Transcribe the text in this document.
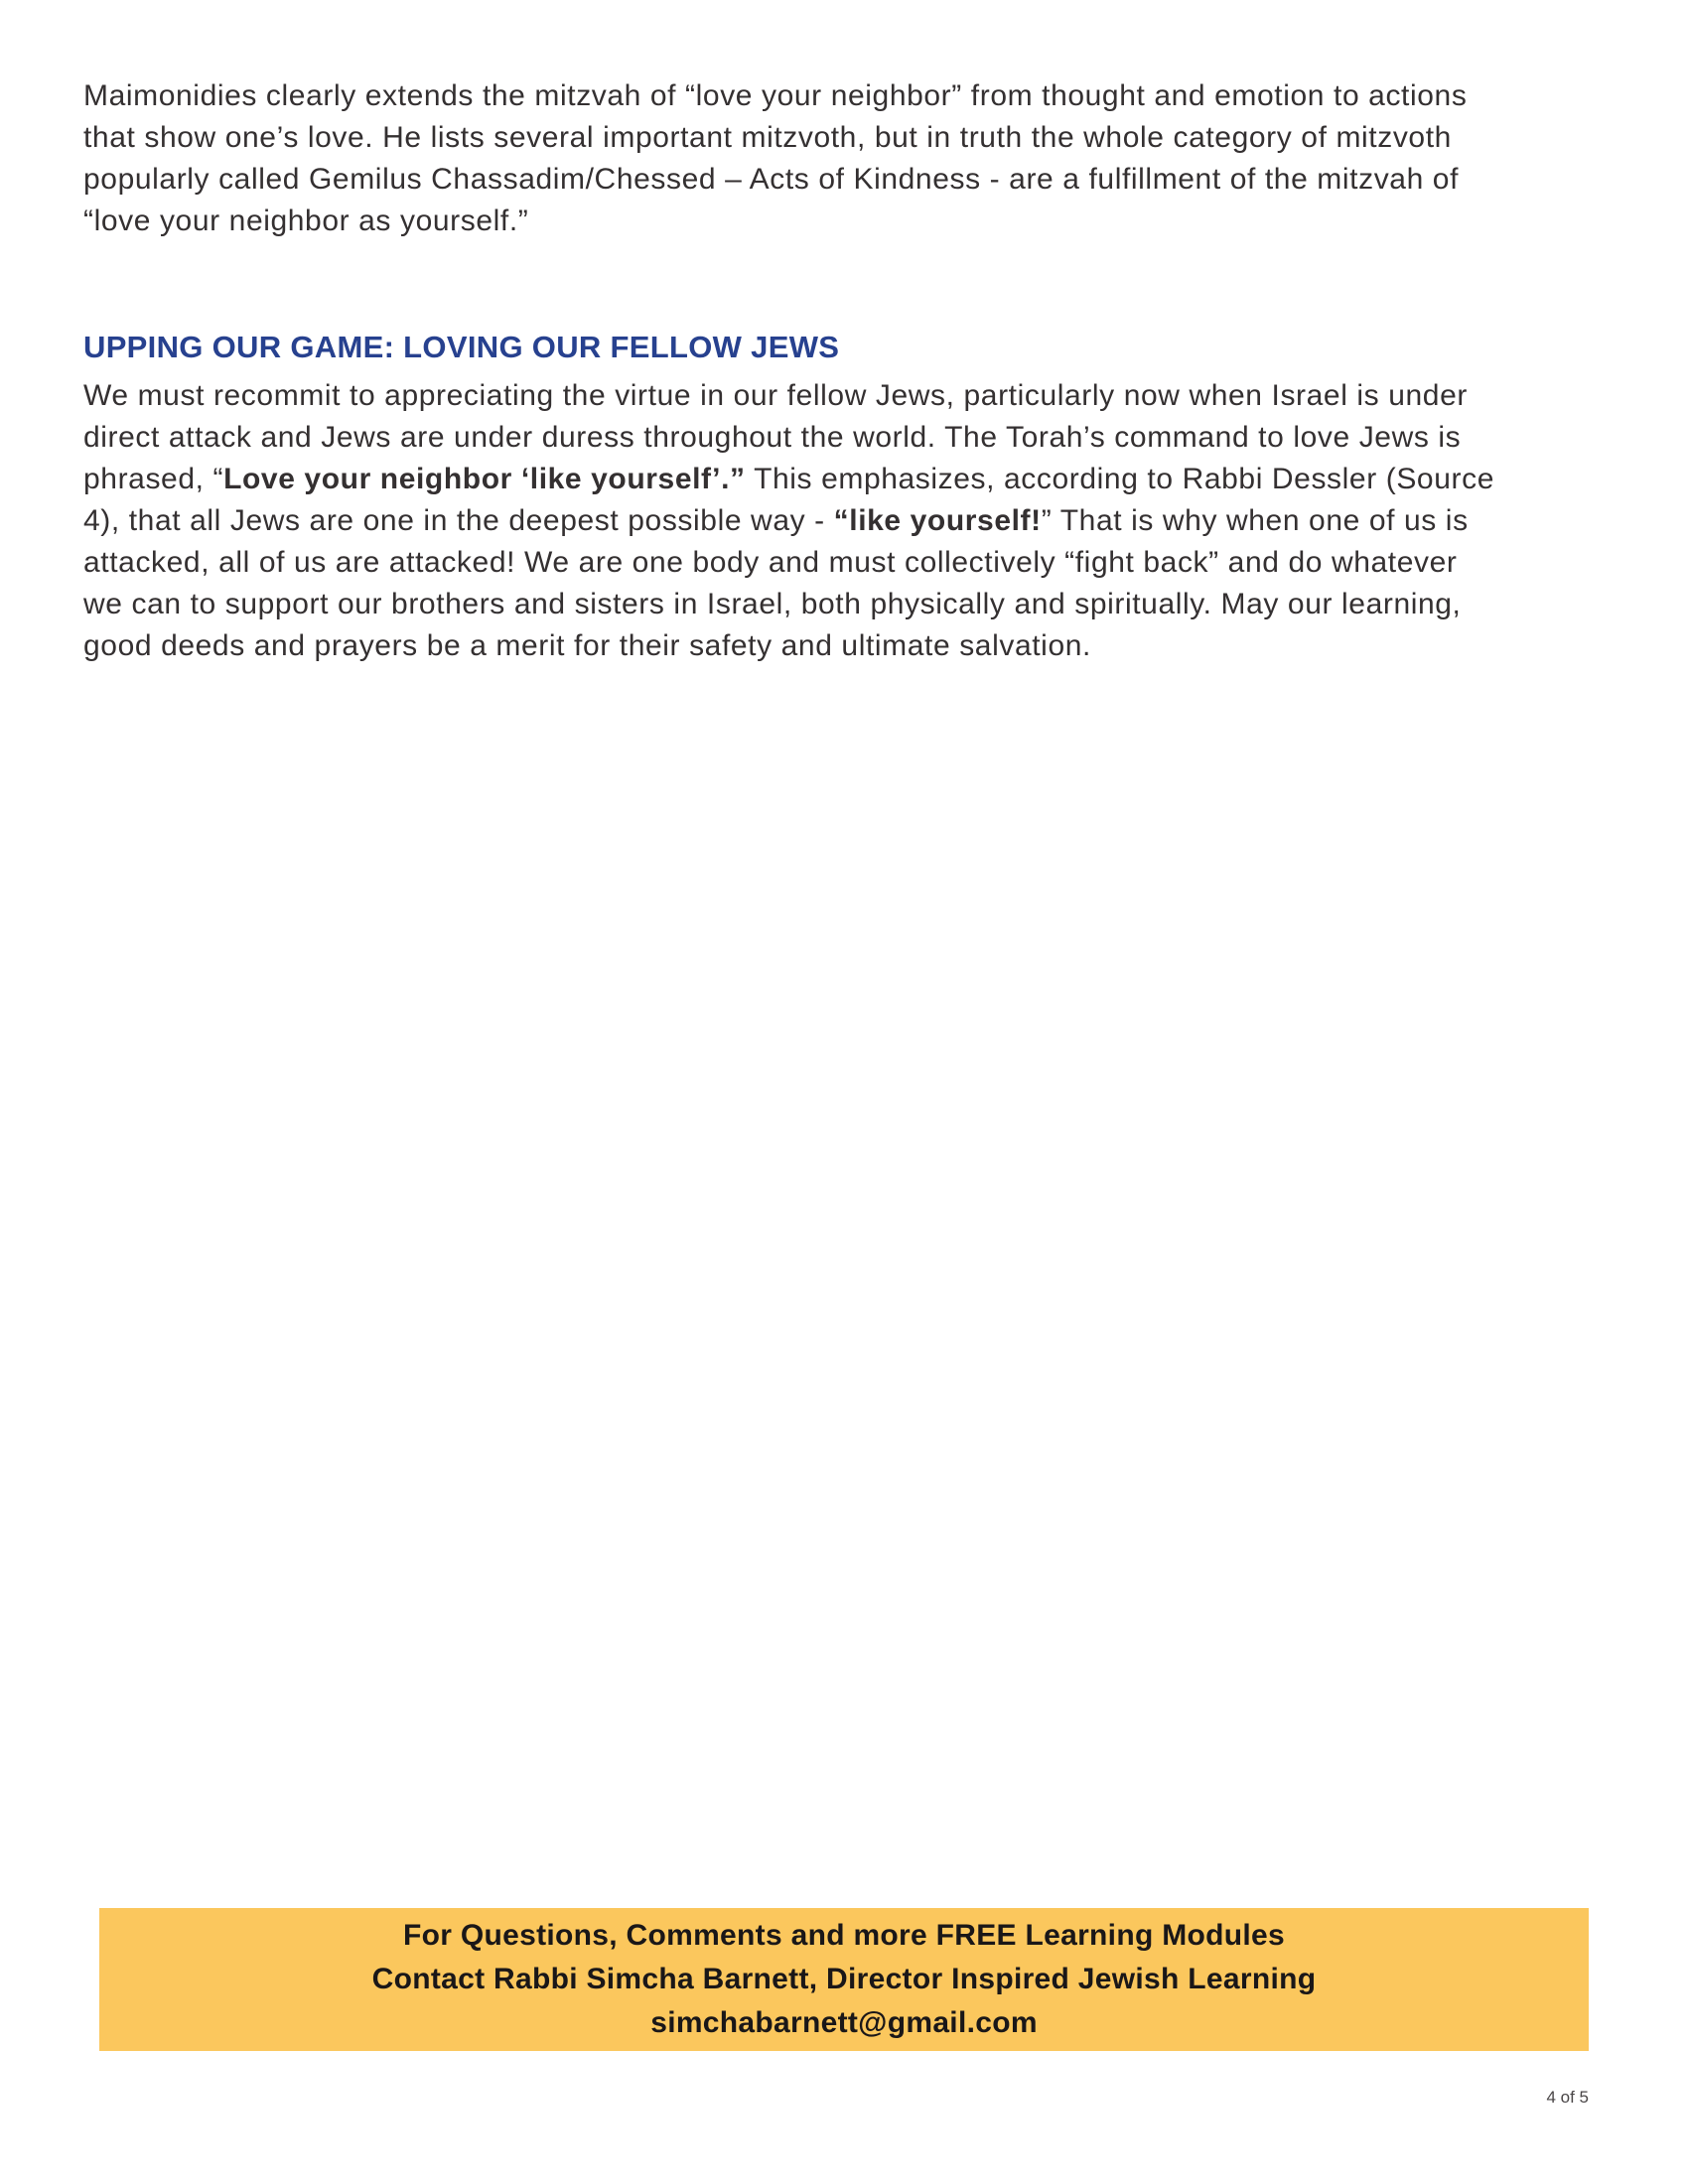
Maimonidies clearly extends the mitzvah of “love your neighbor” from thought and emotion to actions that show one’s love. He lists several important mitzvoth, but in truth the whole category of mitzvoth popularly called Gemilus Chassadim/Chessed – Acts of Kindness - are a fulfillment of the mitzvah of “love your neighbor as yourself.”

UPPING OUR GAME: LOVING OUR FELLOW JEWS

We must recommit to appreciating the virtue in our fellow Jews, particularly now when Israel is under direct attack and Jews are under duress throughout the world. The Torah’s command to love Jews is phrased, “Love your neighbor ‘like yourself’.” This emphasizes, according to Rabbi Dessler (Source 4), that all Jews are one in the deepest possible way - “like yourself!” That is why when one of us is attacked, all of us are attacked! We are one body and must collectively “fight back” and do whatever we can to support our brothers and sisters in Israel, both physically and spiritually. May our learning, good deeds and prayers be a merit for their safety and ultimate salvation.

For Questions, Comments and more FREE Learning Modules
Contact Rabbi Simcha Barnett, Director Inspired Jewish Learning
simchabarnett@gmail.com
4 of 5
